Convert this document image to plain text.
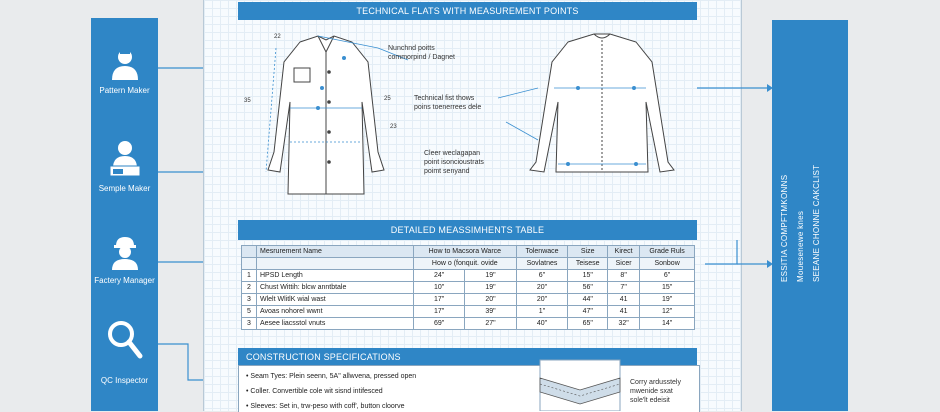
Pattern Maker
Semple Maker
Factery Manager
QC Inspector
TECHNICAL FLATS WITH MEASUREMENT POINTS
22
35	25
23
Nunchnd poitts
commorpind / Dagnet
Technical fist thows
poins toenerrees dele
Cleer weclagapan
point isoncioustrats
poimt senyand
DETAILED MEASSIMHENTS TABLE
	Mesrurement Name	How to Macsora Warce		Tolenwace	Size	Kirect	Grade Ruls
		How o (fonquit. ovide		Sovlatnes	Teisese	Sicer	Sonbow
1	HPSD Length	24"	19"	6"	15"	8"	6"
2	Chust Wittih: blcw anntbtale	10"	19"	20"	56"	7"	15"
3	Wlelt WlitlK wial wast	17"	20"	20"	44"	41	19"
5	Avoas nohorel wwnt	17"	39"	1"	47"	41	12"
3	Aesee liacsstol vnuts	69"	27"	40"	65"	32"	14"
CONSTRUCTION SPECIFICATIONS
• Seam Tyes: Plein seenn, 5A" allwvena, pressed open
• Coller. Convertible cole wit sisnd intifesced
• Sleeves: Set in, trw-peso with coff', button cloorve
Corry ardusstely
mwenide sxat
sole'lt edeisit
ESSITIA COMPFTMKONNS Mouesenewe knes SEEANE CHONNE CAKCLIST
